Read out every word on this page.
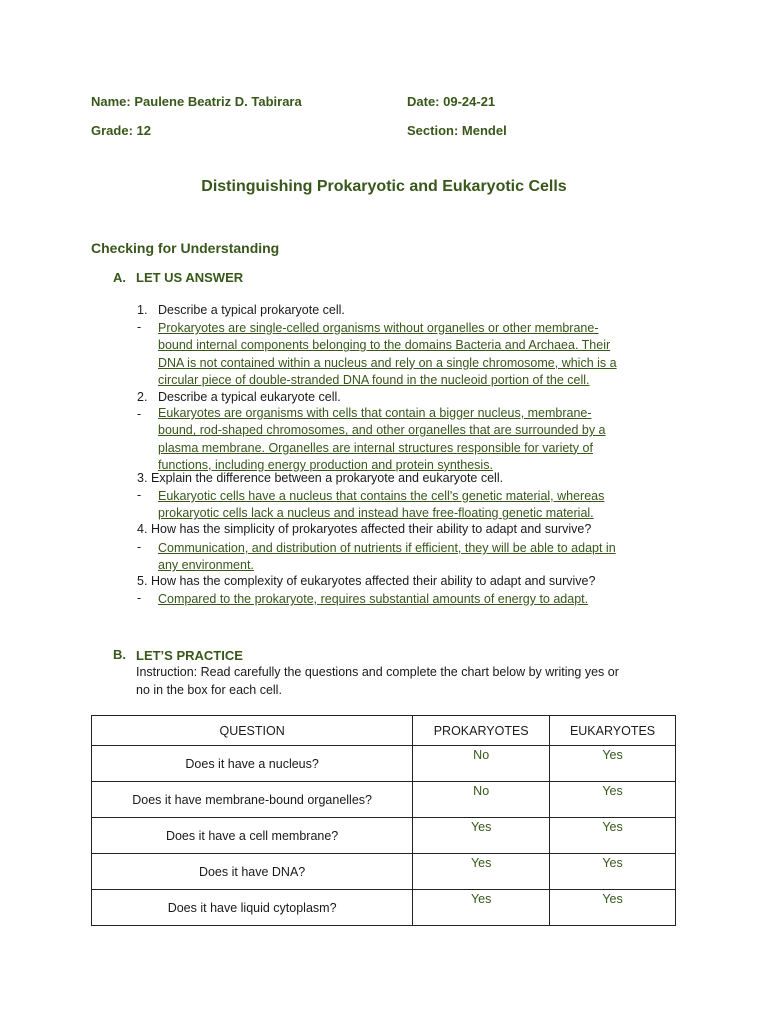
Name: Paulene Beatriz D. Tabirara	Date: 09-24-21
Grade: 12	Section: Mendel
Distinguishing Prokaryotic and Eukaryotic Cells
Checking for Understanding
A. LET US ANSWER
1. Describe a typical prokaryote cell.
- Prokaryotes are single-celled organisms without organelles or other membrane-
bound internal components belonging to the domains Bacteria and Archaea. Their
DNA is not contained within a nucleus and rely on a single chromosome, which is a
circular piece of double-stranded DNA found in the nucleoid portion of the cell.
2. Describe a typical eukaryote cell.
- Eukaryotes are organisms with cells that contain a bigger nucleus, membrane-
bound, rod-shaped chromosomes, and other organelles that are surrounded by a
plasma membrane. Organelles are internal structures responsible for variety of
functions, including energy production and protein synthesis.
3. Explain the difference between a prokaryote and eukaryote cell.
- Eukaryotic cells have a nucleus that contains the cell's genetic material, whereas
prokaryotic cells lack a nucleus and instead have free-floating genetic material.
4. How has the simplicity of prokaryotes affected their ability to adapt and survive?
- Communication, and distribution of nutrients if efficient, they will be able to adapt in
any environment.
5. How has the complexity of eukaryotes affected their ability to adapt and survive?
- Compared to the prokaryote, requires substantial amounts of energy to adapt.
B. LET’S PRACTICE
Instruction: Read carefully the questions and complete the chart below by writing yes or
no in the box for each cell.
QUESTION	PROKARYOTES	EUKARYOTES
Does it have a nucleus?	No	Yes
Does it have membrane-bound organelles?	No	Yes
Does it have a cell membrane?	Yes	Yes
Does it have DNA?	Yes	Yes
Does it have liquid cytoplasm?	Yes	Yes
